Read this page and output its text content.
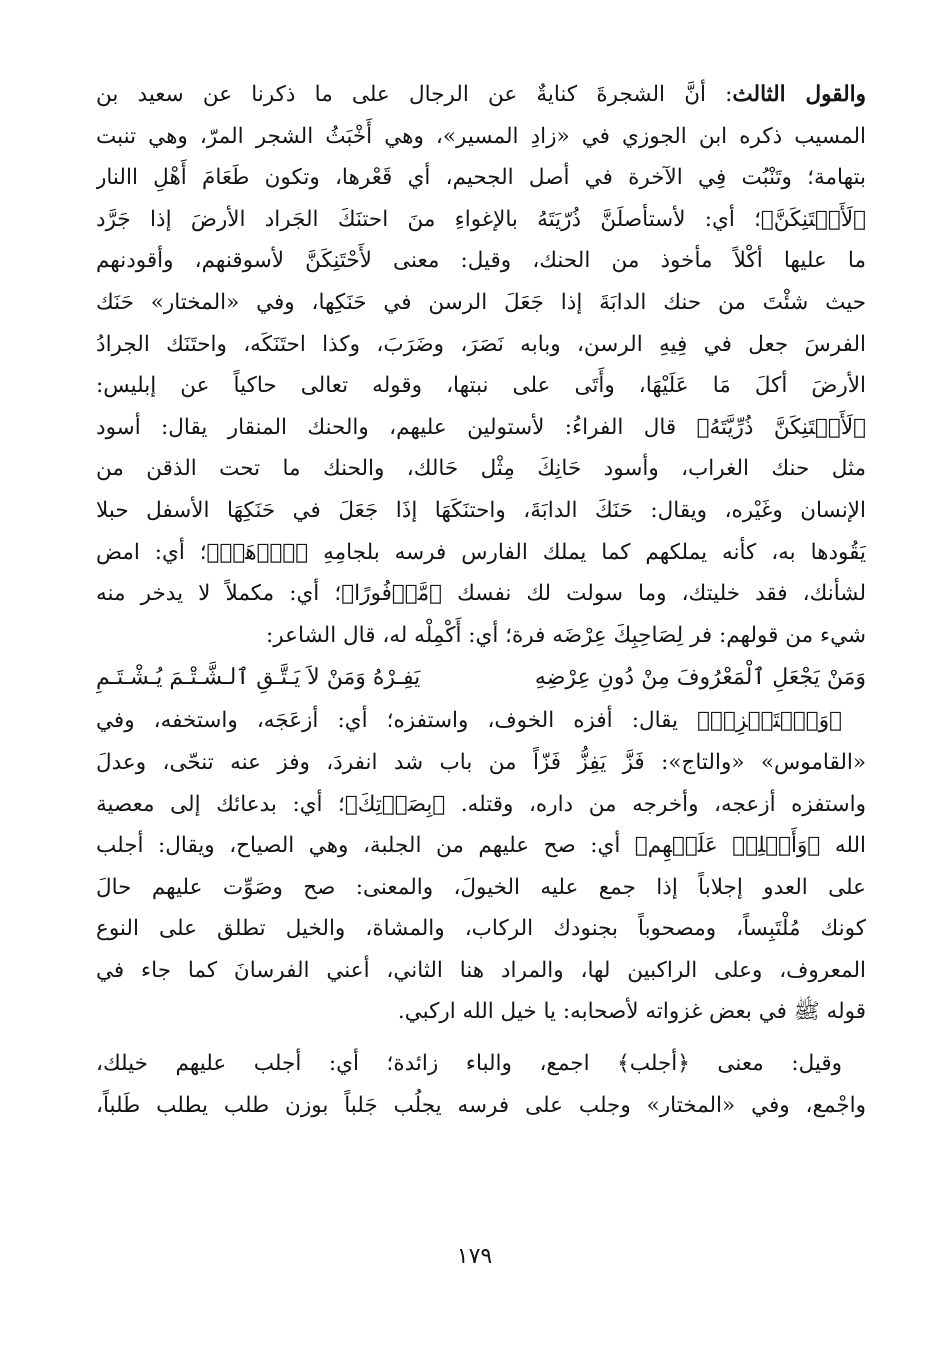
والقول الثالث: أنَّ الشجرةَ كنايةٌ عن الرجال على ما ذكرنا عن سعيد بن
المسيب ذكره ابن الجوزي في «زادِ المسير»، وهي أَخْبَثُ الشجر المرّ، وهي تنبت
بتهامة؛ وتَنْبُت فِي الآخرة في أصل الجحيم، أي قَعْرها، وتكون طَعَامَ أَهْلِ االنار
﴿لَأَحۡتَنِكَنَّ﴾؛ أي: لأستأصلَنَّ ذُرّيَتَهُ بالإغواءِ منَ احتنَكَ الجَراد الأرضَ إذا جَرَّد
ما عليها أكْلاً مأخوذ من الحنك، وقيل: معنى لأَحْتَنِكَنَّ لأسوقنهم، وأقودنهم
حيث شئْتَ من حنك الدابَةَ إذا جَعَلَ الرسن في حَنَكِها، وفي «المختار» حَنَك
الفرسَ جعل في فِيهِ الرسن، وبابه نَصَرَ، وضَرَبَ، وكذا احتَنَكَه، واحتَنَك الجرادُ
الأرضَ أكلَ مَا عَلَيْهَا، وأَتَى على نبتها، وقوله تعالى حاكياً عن إبليس:
﴿لَأَحۡتَنِكَنَّ ذُرِّيَّتَهُ﴾ قال الفراءُ: لأستولين عليهم، والحنك المنقار يقال: أسود
مثل حنك الغراب، وأسود حَانِكَ مِثْل حَالك، والحنك ما تحت الذقن من
الإنسان وغَيْره، ويقال: حَنَكَ الدابَةَ، واحتنَكَهَا إذَا جَعَلَ في حَنَكِهَا الأسفل حبلا
يَقُودها به، كأنه يملكهم كما يملك الفارس فرسه بلجامِهِ ﴿ٱذۡهَبۡ﴾؛ أي: امض
لشأنك، فقد خليتك، وما سولت لك نفسك ﴿مَّوۡفُورًا﴾؛ أي: مكملاً لا يدخر منه
شيء من قولهم: فر لِصَاحِبِكَ عِرْضَه فرة؛ أي: أَكْمِلْه له، قال الشاعر:
وَمَنْ يَجْعَلِ ٱلْمَعْرُوفَ مِنْ دُونِ عِرْضِهِ
يَفِـرْهُ وَمَنْ لاَ يَـتَّـقِ ٱلـشَّـتْـمَ يُـشْـتَـمِ
﴿وَٱسۡتَفۡزِزۡ﴾ يقال: أفزه الخوف، واستفزه؛ أي: أزعَجَه، واستخفه، وفي
«القاموس» «والتاج»: فَزَّ يَفِزُّ فَزّاً من باب شد انفردَ، وفز عنه تنحّى، وعدلَ
واستفزه أزعجه، وأخرجه من داره، وقتله. ﴿بِصَوۡتِكَ﴾؛ أي: بدعائك إلى معصية
الله ﴿وَأَجۡلِبۡ عَلَيۡهِم﴾ أي: صح عليهم من الجلبة، وهي الصياح، ويقال: أجلب
على العدو إجلاباً إذا جمع عليه الخيولَ، والمعنى: صح وصَوِّت عليهم حالَ
كونك مُلْتَبِساً، ومصحوباً بجنودك الركاب، والمشاة، والخيل تطلق على النوع
المعروف، وعلى الراكبين لها، والمراد هنا الثاني، أعني الفرسانَ كما جاء في
قوله ﷺ في بعض غزواته لأصحابه: يا خيل الله اركبي.
وقيل: معنى ﴿أجلب﴾ اجمع، والباء زائدة؛ أي: أجلب عليهم خيلك،
واجْمع، وفي «المختار» وجلب على فرسه يجلُب جَلباً بوزن طلب يطلب طَلباً،
١٧٩
